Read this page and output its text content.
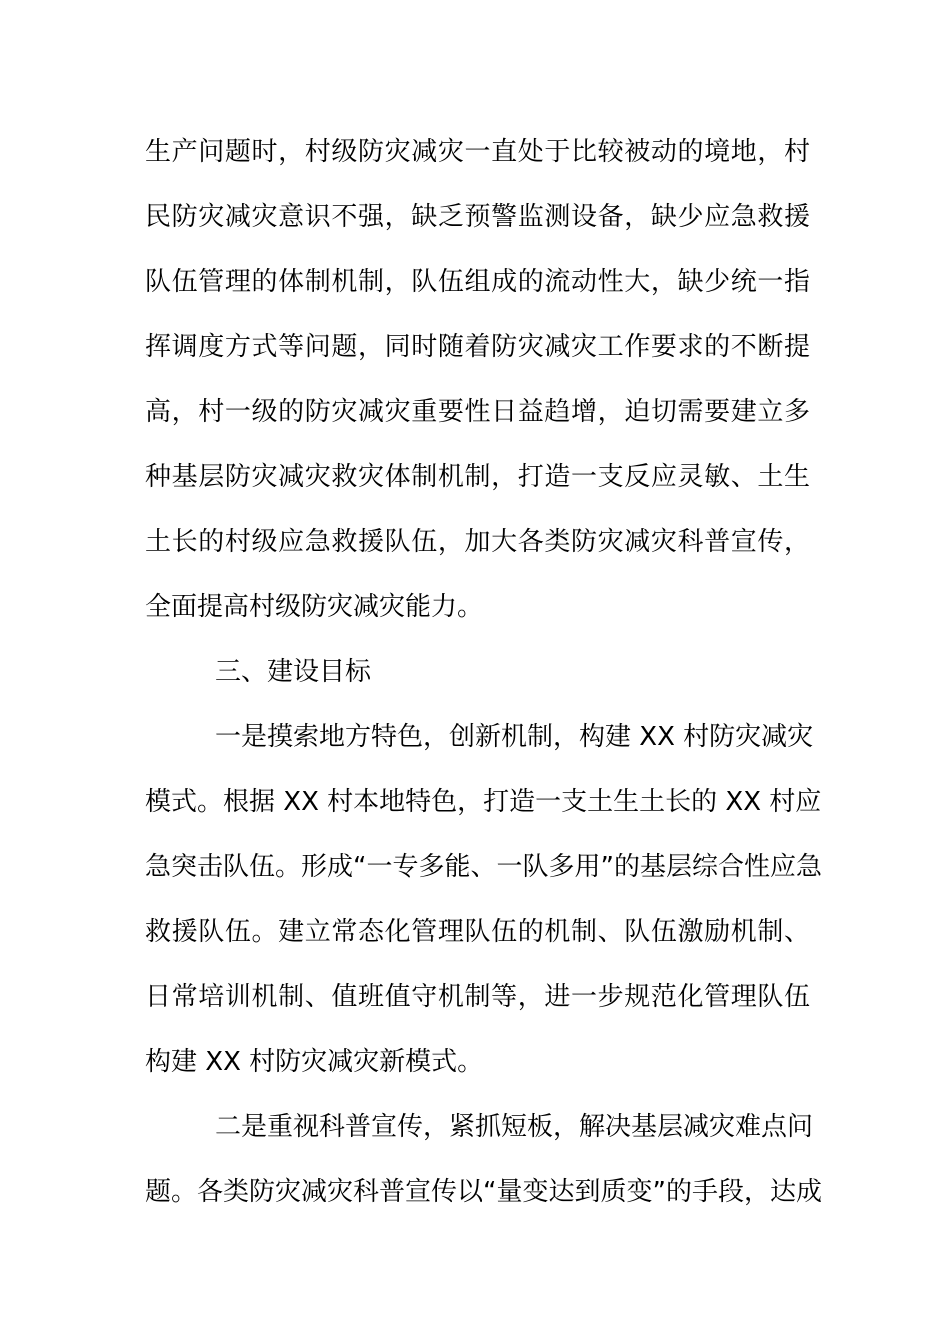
生产问题时，村级防灾减灾一直处于比较被动的境地，村
民防灾减灾意识不强，缺乏预警监测设备，缺少应急救援
队伍管理的体制机制，队伍组成的流动性大，缺少统一指
挥调度方式等问题，同时随着防灾减灾工作要求的不断提
高，村一级的防灾减灾重要性日益趋增，迫切需要建立多
种基层防灾减灾救灾体制机制，打造一支反应灵敏、土生
土长的村级应急救援队伍，加大各类防灾减灾科普宣传，
全面提高村级防灾减灾能力。
三、建设目标
一是摸索地方特色，创新机制，构建 XX 村防灾减灾
模式。根据 XX 村本地特色，打造一支土生土长的 XX 村应
急突击队伍。形成“一专多能、一队多用”的基层综合性应急
救援队伍。建立常态化管理队伍的机制、队伍激励机制、
日常培训机制、值班值守机制等，进一步规范化管理队伍
构建 XX 村防灾减灾新模式。
二是重视科普宣传，紧抓短板，解决基层减灾难点问
题。各类防灾减灾科普宣传以“量变达到质变”的手段，达成
